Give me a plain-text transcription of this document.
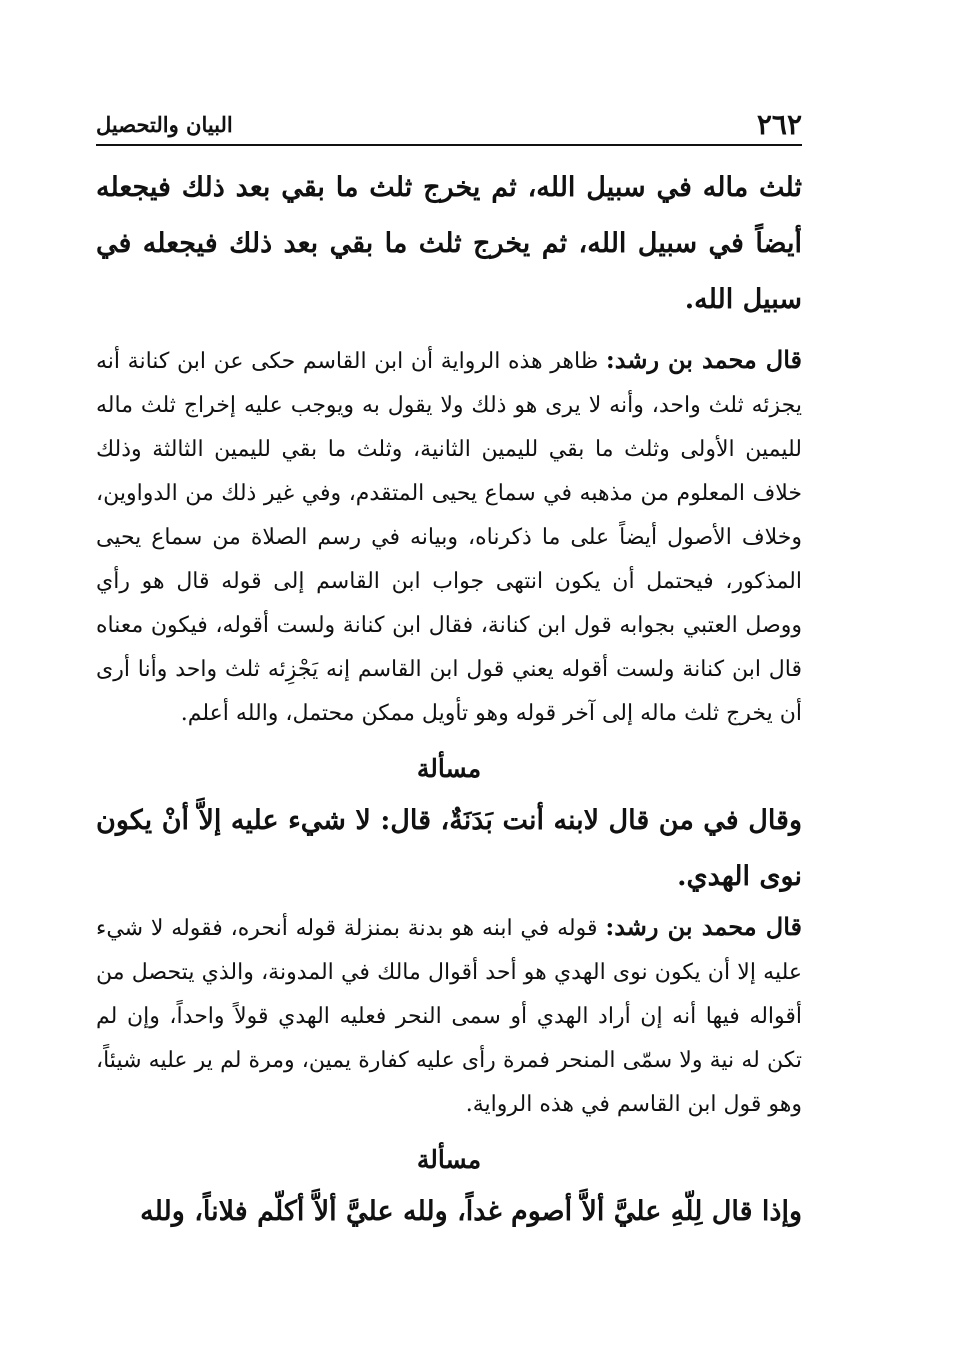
٢٦٢
البيان والتحصيل

ثلث ماله في سبيل الله، ثم يخرج ثلث ما بقي بعد ذلك فيجعله أيضاً في سبيل الله، ثم يخرج ثلث ما بقي بعد ذلك فيجعله في سبيل الله.

قال محمد بن رشد: ظاهر هذه الرواية أن ابن القاسم حكى عن ابن كنانة أنه يجزئه ثلث واحد، وأنه لا يرى هو ذلك ولا يقول به ويوجب عليه إخراج ثلث ماله لليمين الأولى وثلث ما بقي لليمين الثانية، وثلث ما بقي لليمين الثالثة وذلك خلاف المعلوم من مذهبه في سماع يحيى المتقدم، وفي غير ذلك من الدواوين، وخلاف الأصول أيضاً على ما ذكرناه، وبيانه في رسم الصلاة من سماع يحيى المذكور، فيحتمل أن يكون انتهى جواب ابن القاسم إلى قوله قال هو رأي ووصل العتبي بجوابه قول ابن كنانة، فقال ابن كنانة ولست أقوله، فيكون معناه قال ابن كنانة ولست أقوله يعني قول ابن القاسم إنه يَجْزِئه ثلث واحد وأنا أرى أن يخرج ثلث ماله إلى آخر قوله وهو تأويل ممكن محتمل، والله أعلم.

مسألة

وقال في من قال لابنه أنت بَدَنَةٌ، قال: لا شيء عليه إلاَّ أنْ يكون نوى الهدي.

قال محمد بن رشد: قوله في ابنه هو بدنة بمنزلة قوله أنحره، فقوله لا شيء عليه إلا أن يكون نوى الهدي هو أحد أقوال مالك في المدونة، والذي يتحصل من أقواله فيها أنه إن أراد الهدي أو سمى النحر فعليه الهدي قولاً واحداً، وإن لم تكن له نية ولا سمّى المنحر فمرة رأى عليه كفارة يمين، ومرة لم ير عليه شيئاً، وهو قول ابن القاسم في هذه الرواية.

مسألة

وإذا قال لِلّهِ عليَّ ألاَّ أصوم غداً، ولله عليَّ ألاَّ أكلّم فلاناً، ولله
